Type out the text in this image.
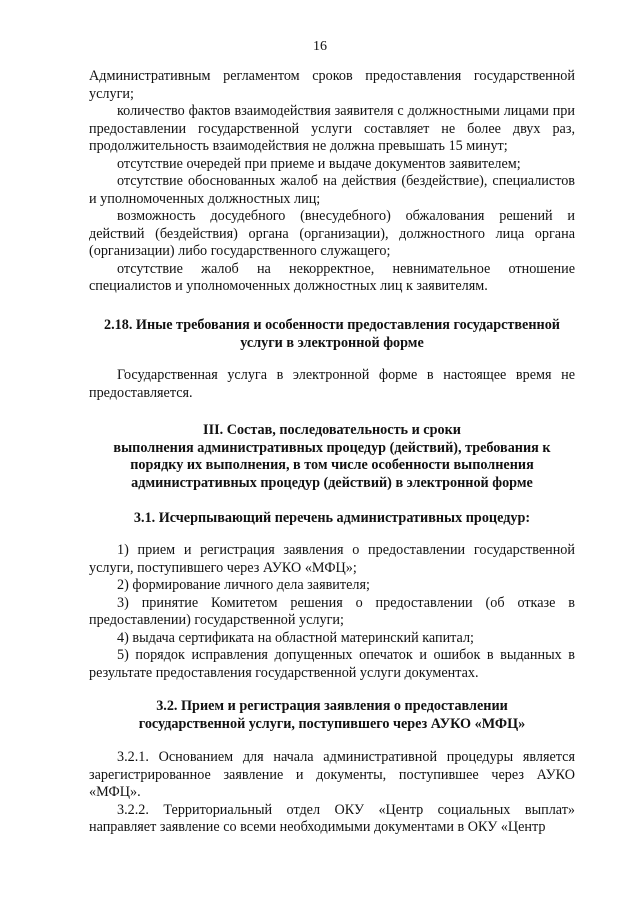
16

Административным регламентом сроков предоставления государственной услуги;

количество фактов взаимодействия заявителя с должностными лицами при предоставлении государственной услуги составляет не более двух раз, продолжительность взаимодействия не должна превышать 15 минут;

отсутствие очередей при приеме и выдаче документов заявителем;

отсутствие обоснованных жалоб на действия (бездействие), специалистов и уполномоченных должностных лиц;

возможность досудебного (внесудебного) обжалования решений и действий (бездействия) органа (организации), должностного лица органа (организации) либо государственного служащего;

отсутствие жалоб на некорректное, невнимательное отношение специалистов и уполномоченных должностных лиц к заявителям.

2.18. Иные требования и особенности предоставления государственной
услуги в электронной форме

Государственная услуга в электронной форме в настоящее время не предоставляется.

III. Состав, последовательность и сроки
выполнения административных процедур (действий), требования к
порядку их выполнения, в том числе особенности выполнения
административных процедур (действий) в электронной форме
3.1. Исчерпывающий перечень административных процедур:

1) прием и регистрация заявления о предоставлении государственной услуги, поступившего через АУКО «МФЦ»;

2) формирование личного дела заявителя;

3) принятие Комитетом решения о предоставлении (об отказе в предоставлении) государственной услуги;

4) выдача сертификата на областной материнский капитал;

5) порядок исправления допущенных опечаток и ошибок в выданных в результате предоставления государственной услуги документах.

3.2. Прием и регистрация заявления о предоставлении
государственной услуги, поступившего через АУКО «МФЦ»

3.2.1. Основанием для начала административной процедуры является зарегистрированное заявление и документы, поступившее через АУКО «МФЦ».

3.2.2. Территориальный отдел ОКУ «Центр социальных выплат» направляет заявление со всеми необходимыми документами в ОКУ «Центр
